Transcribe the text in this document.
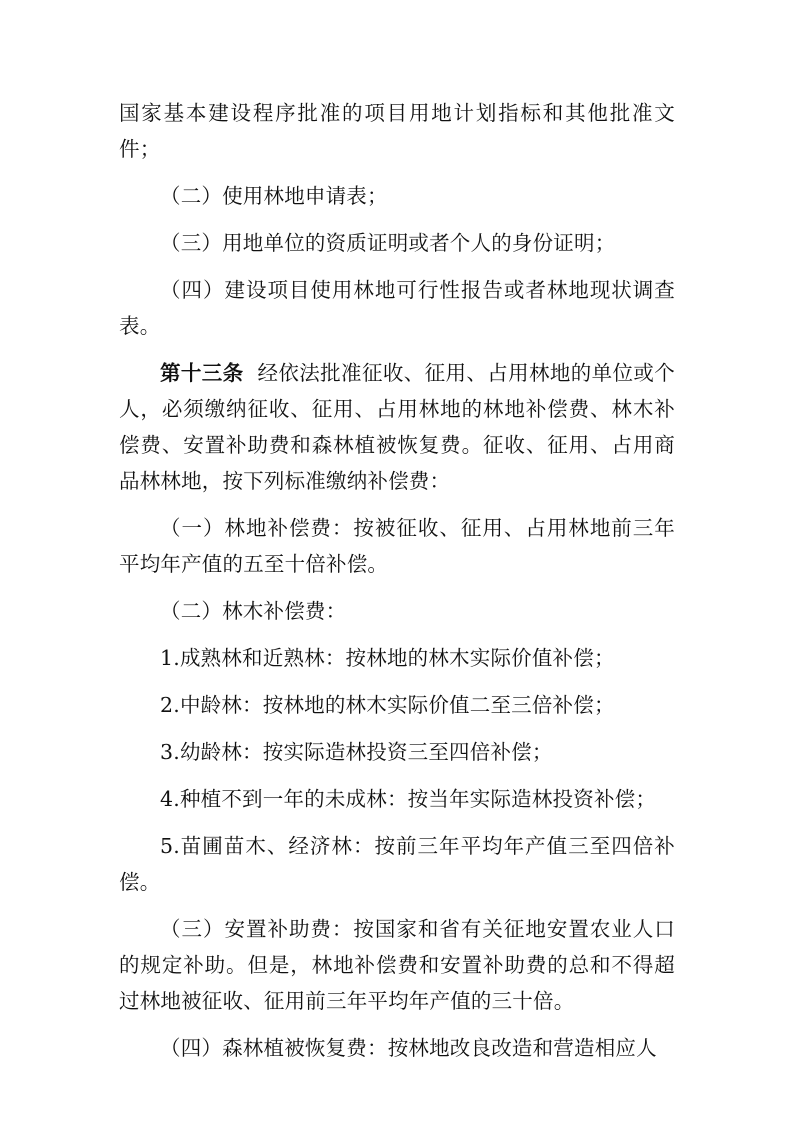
国家基本建设程序批准的项目用地计划指标和其他批准文件；

（二）使用林地申请表；

（三）用地单位的资质证明或者个人的身份证明；

（四）建设项目使用林地可行性报告或者林地现状调查表。

第十三条 经依法批准征收、征用、占用林地的单位或个人，必须缴纳征收、征用、占用林地的林地补偿费、林木补偿费、安置补助费和森林植被恢复费。征收、征用、占用商品林林地，按下列标准缴纳补偿费：

（一）林地补偿费：按被征收、征用、占用林地前三年平均年产值的五至十倍补偿。

（二）林木补偿费：

1.成熟林和近熟林：按林地的林木实际价值补偿；

2.中龄林：按林地的林木实际价值二至三倍补偿；

3.幼龄林：按实际造林投资三至四倍补偿；

4.种植不到一年的未成林：按当年实际造林投资补偿；

5.苗圃苗木、经济林：按前三年平均年产值三至四倍补偿。

（三）安置补助费：按国家和省有关征地安置农业人口的规定补助。但是，林地补偿费和安置补助费的总和不得超过林地被征收、征用前三年平均年产值的三十倍。

（四）森林植被恢复费：按林地改良改造和营造相应人
